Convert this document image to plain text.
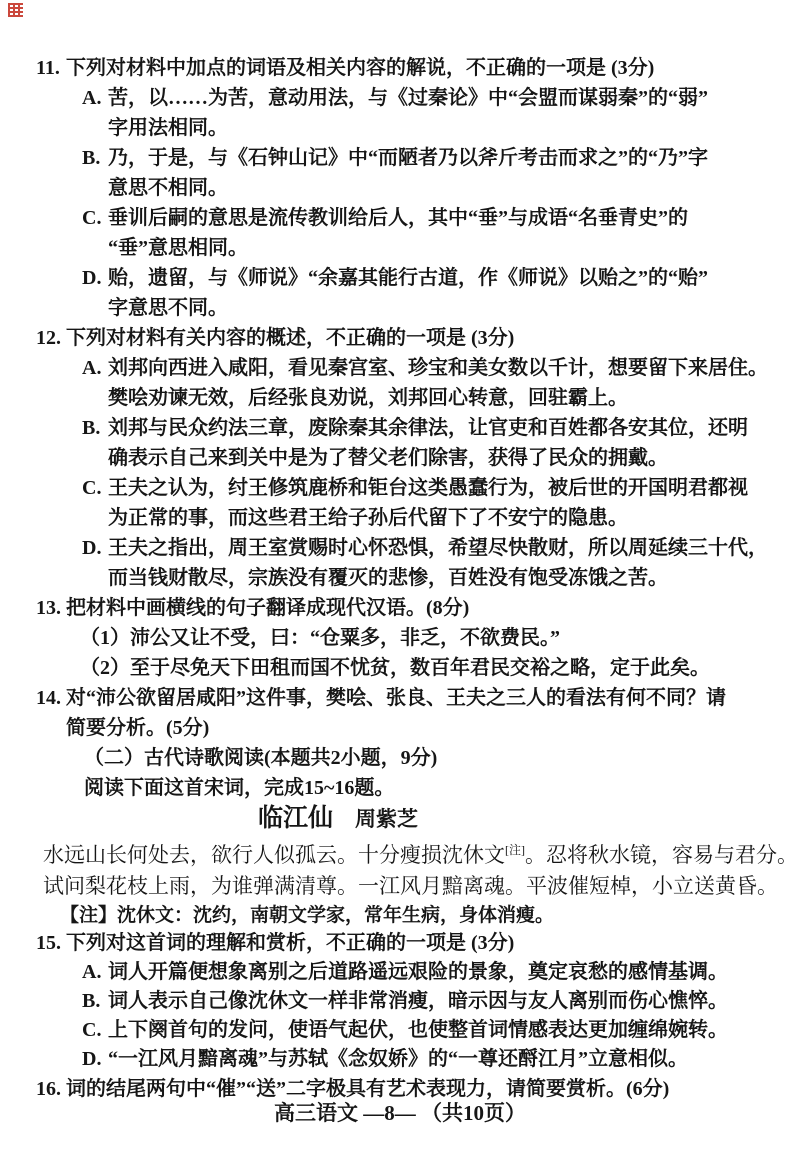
11. 下列对材料中加点的词语及相关内容的解说，不正确的一项是 (3分)
A. 苦，以……为苦，意动用法，与《过秦论》中“会盟而谋弱秦”的“弱”
字用法相同。
B. 乃，于是，与《石钟山记》中“而陋者乃以斧斤考击而求之”的“乃”字
意思不相同。
C. 垂训后嗣的意思是流传教训给后人，其中“垂”与成语“名垂青史”的
“垂”意思相同。
D. 贻，遗留，与《师说》“余嘉其能行古道，作《师说》以贻之”的“贻”
字意思不同。
12. 下列对材料有关内容的概述，不正确的一项是 (3分)
A. 刘邦向西进入咸阳，看见秦宫室、珍宝和美女数以千计，想要留下来居住。
樊哙劝谏无效，后经张良劝说，刘邦回心转意，回驻霸上。
B. 刘邦与民众约法三章，废除秦其余律法，让官吏和百姓都各安其位，还明
确表示自己来到关中是为了替父老们除害，获得了民众的拥戴。
C. 王夫之认为，纣王修筑鹿桥和钜台这类愚蠢行为，被后世的开国明君都视
为正常的事，而这些君王给子孙后代留下了不安宁的隐患。
D. 王夫之指出，周王室赏赐时心怀恐惧，希望尽快散财，所以周延续三十代，
而当钱财散尽，宗族没有覆灭的悲惨，百姓没有饱受冻饿之苦。
13. 把材料中画横线的句子翻译成现代汉语。(8分)
（1）沛公又让不受，曰：“仓粟多，非乏，不欲费民。”
（2）至于尽免天下田租而国不忧贫，数百年君民交裕之略，定于此矣。
14. 对“沛公欲留居咸阳”这件事，樊哙、张良、王夫之三人的看法有何不同？请
简要分析。(5分)
（二）古代诗歌阅读(本题共2小题，9分)
阅读下面这首宋词，完成15~16题。
临江仙 周紫芝
水远山长何处去，欲行人似孤云。十分瘦损沈休文[注]。忍将秋水镜，容易与君分。
试问梨花枝上雨，为谁弹满清尊。一江风月黯离魂。平波催短棹，小立送黄昏。
【注】沈休文：沈约，南朝文学家，常年生病，身体消瘦。
15. 下列对这首词的理解和赏析，不正确的一项是 (3分)
A. 词人开篇便想象离别之后道路遥远艰险的景象，奠定哀愁的感情基调。
B. 词人表示自己像沈休文一样非常消瘦，暗示因与友人离别而伤心憔悴。
C. 上下阕首句的发问，使语气起伏，也使整首词情感表达更加缠绵婉转。
D. “一江风月黯离魂”与苏轼《念奴娇》的“一尊还酹江月”立意相似。
16. 词的结尾两句中“催”“送”二字极具有艺术表现力，请简要赏析。(6分)
高三语文 —8— （共10页）
